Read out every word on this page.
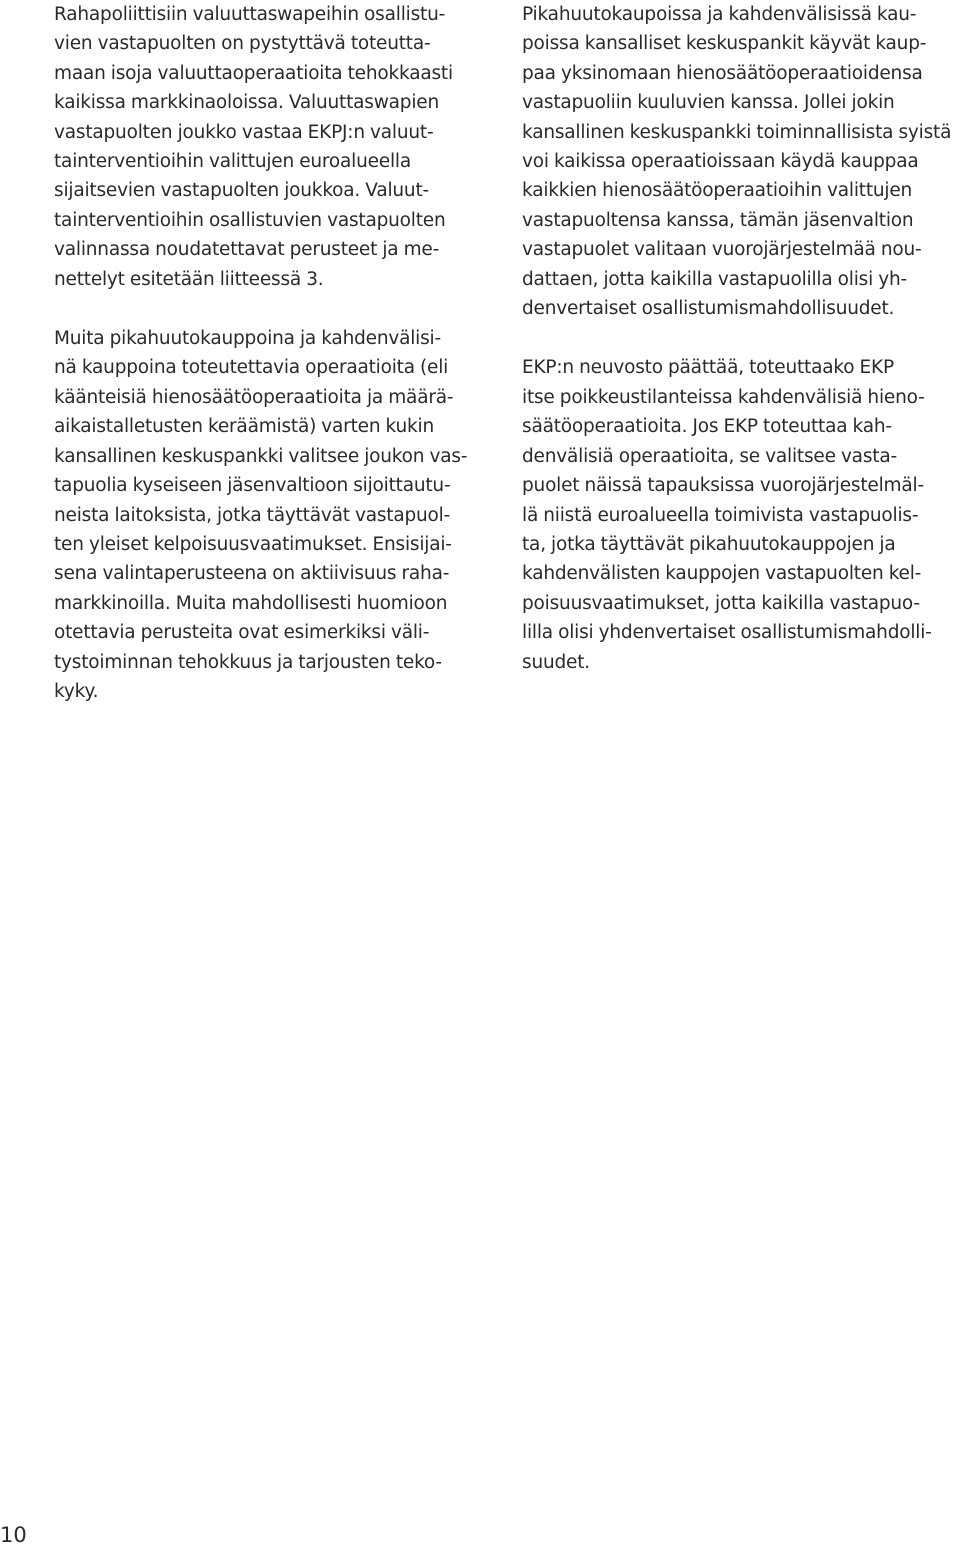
Rahapoliittisiin valuuttaswapeihin osallistu-
vien vastapuolten on pystyttävä toteutta-
maan isoja valuuttaoperaatioita tehokkaasti
kaikissa markkinaoloissa. Valuuttaswapien
vastapuolten joukko vastaa EKPJ:n valuut-
tainterventioihin valittujen euroalueella
sijaitsevien vastapuolten joukkoa. Valuut-
tainterventioihin osallistuvien vastapuolten
valinnassa noudatettavat perusteet ja me-
nettelyt esitetään liitteessä 3.

Muita pikahuutokauppoina ja kahdenvälisi-
nä kauppoina toteutettavia operaatioita (eli
käänteisiä hienosäätöoperaatioita ja määrä-
aikaistalletusten keräämistä) varten kukin
kansallinen keskuspankki valitsee joukon vas-
tapuolia kyseiseen jäsenvaltioon sijoittautu-
neista laitoksista, jotka täyttävät vastapuol-
ten yleiset kelpoisuusvaatimukset. Ensisijai-
sena valintaperusteena on aktiivisuus raha-
markkinoilla. Muita mahdollisesti huomioon
otettavia perusteita ovat esimerkiksi väli-
tystoiminnan tehokkuus ja tarjousten teko-
kyky.

Pikahuutokaupoissa ja kahdenvälisissä kau-
poissa kansalliset keskuspankit käyvät kaup-
paa yksinomaan hienosäätöoperaatioidensa
vastapuoliin kuuluvien kanssa. Jollei jokin
kansallinen keskuspankki toiminnallisista syistä
voi kaikissa operaatioissaan käydä kauppaa
kaikkien hienosäätöoperaatioihin valittujen
vastapuoltensa kanssa, tämän jäsenvaltion
vastapuolet valitaan vuorojärjestelmää nou-
dattaen, jotta kaikilla vastapuolilla olisi yh-
denvertaiset osallistumismahdollisuudet.

EKP:n neuvosto päättää, toteuttaako EKP
itse poikkeustilanteissa kahdenvälisiä hieno-
säätöoperaatioita. Jos EKP toteuttaa kah-
denvälisiä operaatioita, se valitsee vasta-
puolet näissä tapauksissa vuorojärjestelmäl-
lä niistä euroalueella toimivista vastapuolis-
ta, jotka täyttävät pikahuutokauppojen ja
kahdenvälisten kauppojen vastapuolten kel-
poisuusvaatimukset, jotta kaikilla vastapuo-
lilla olisi yhdenvertaiset osallistumismahdolli-
suudet.

10
